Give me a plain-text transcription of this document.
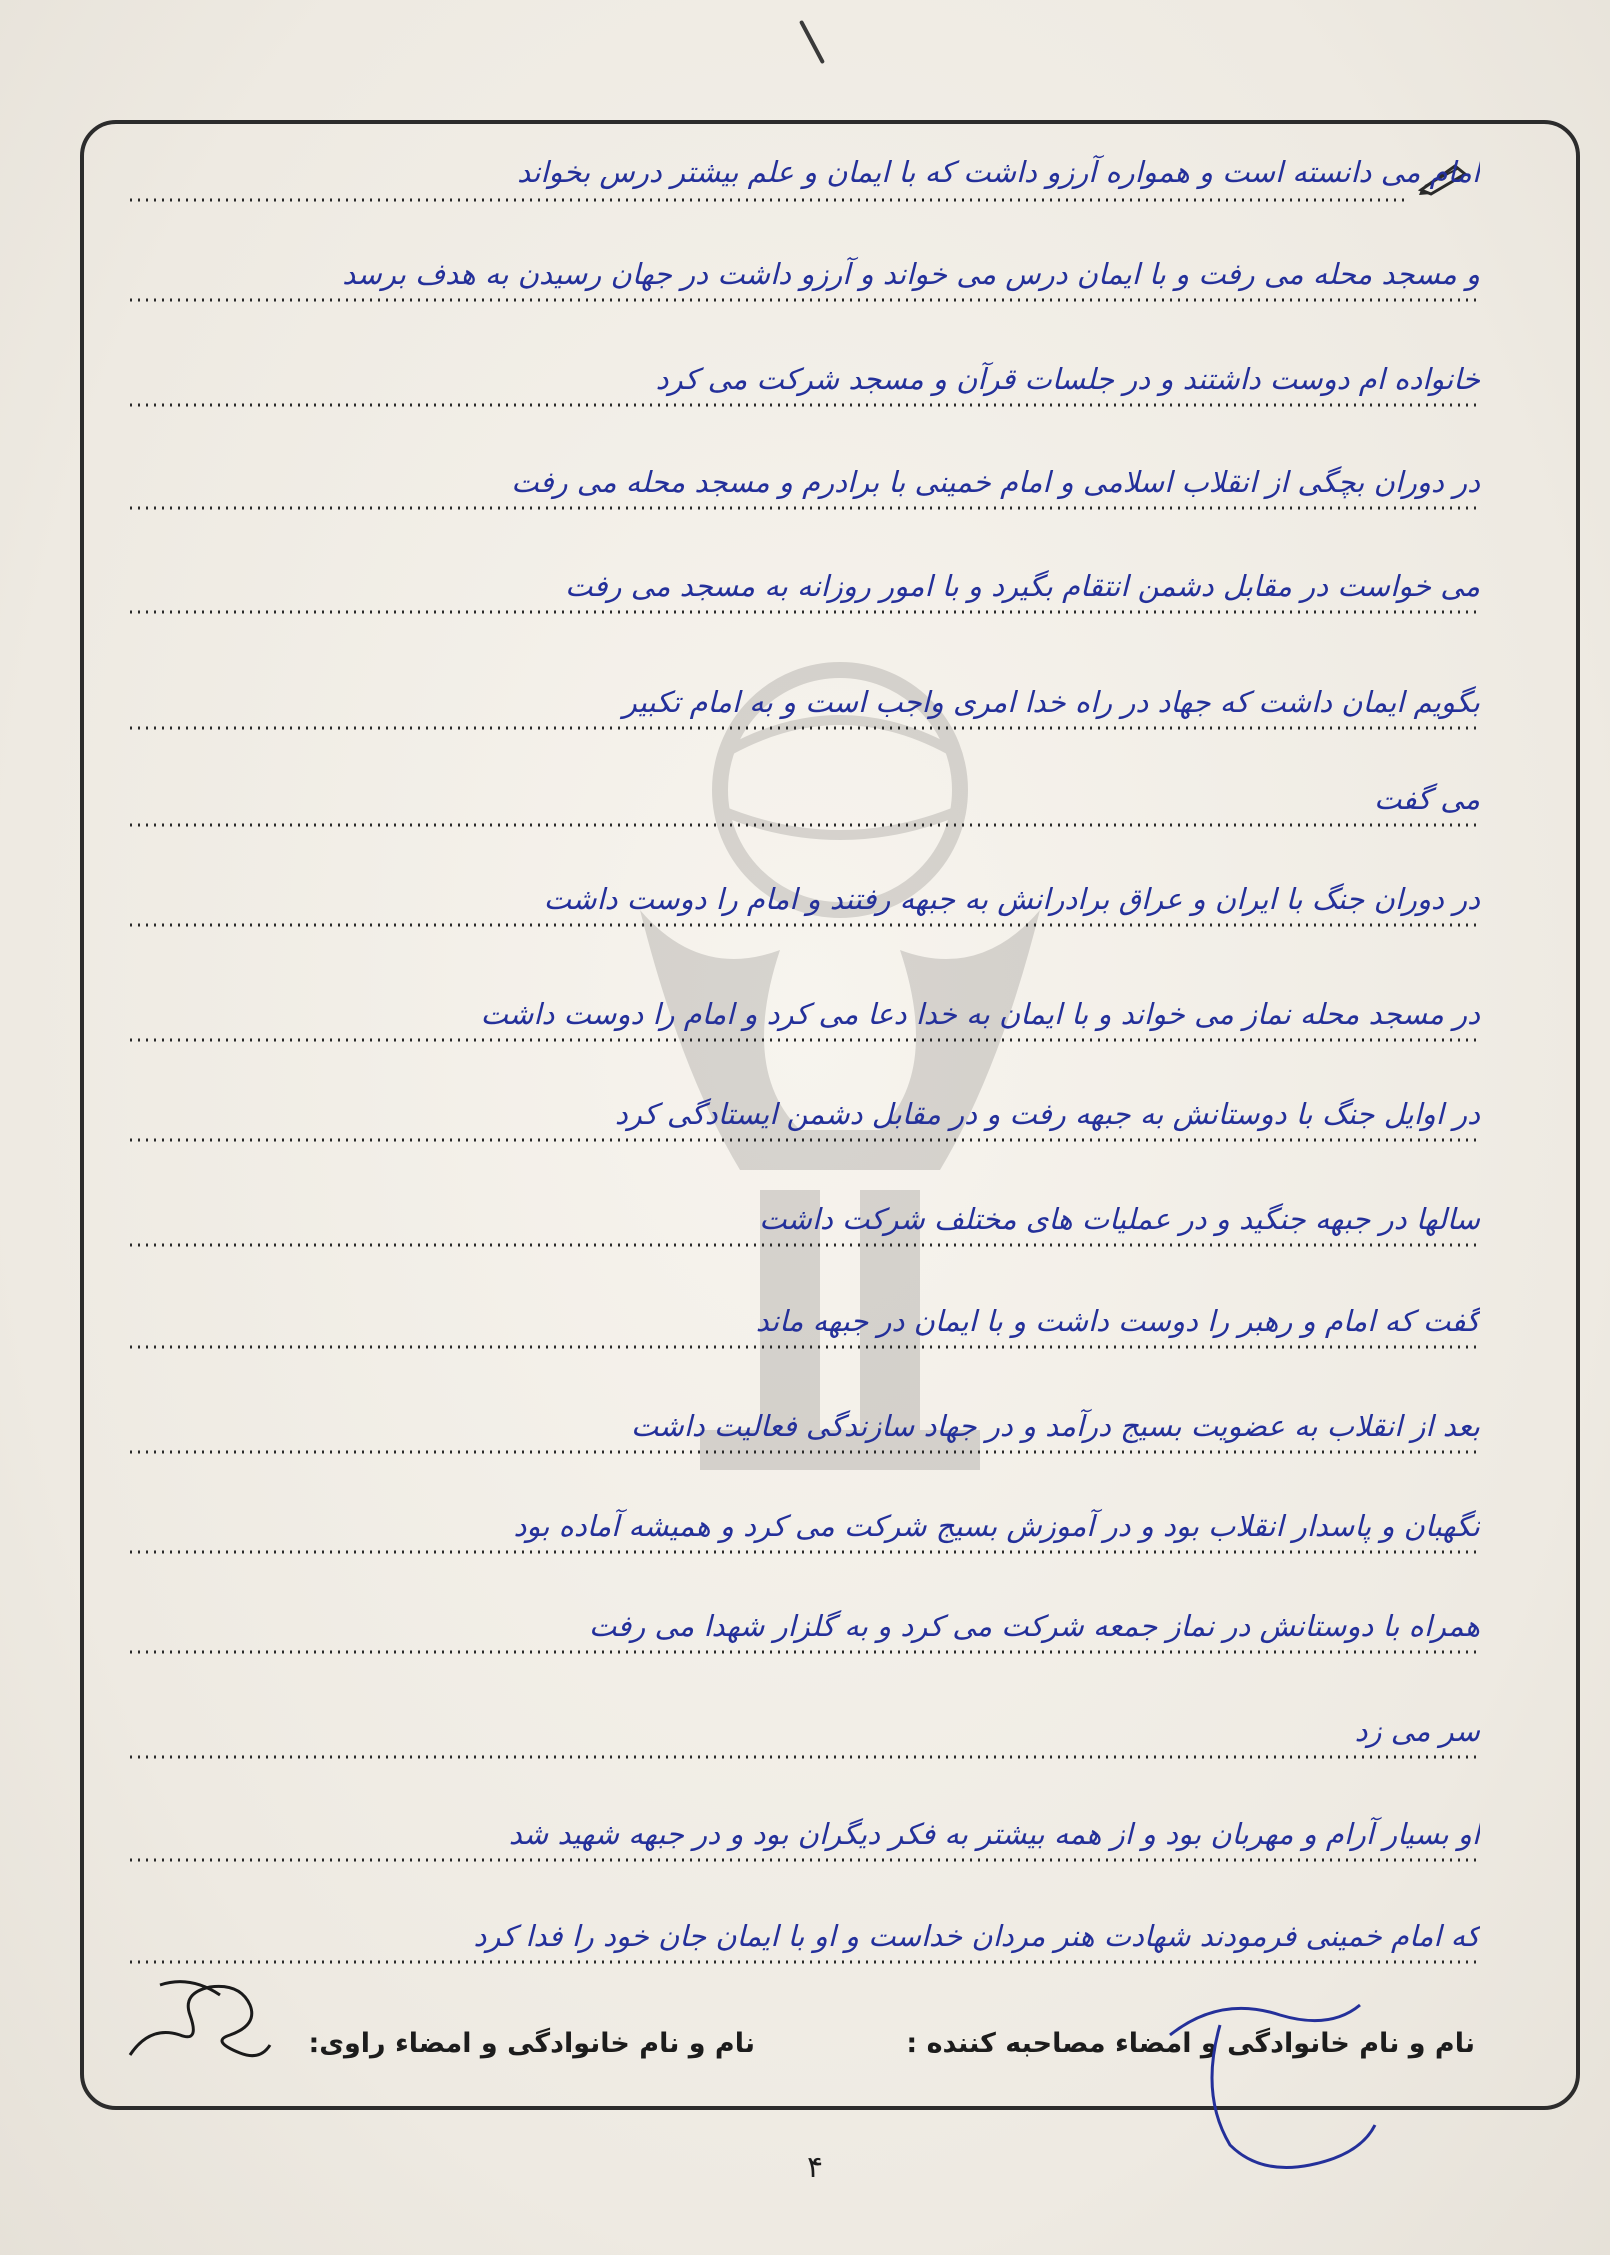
امام می دانسته است و همواره آرزو داشت که با ایمان و علم بیشتر درس بخواند
و مسجد محله می رفت و با ایمان درس می خواند و آرزو داشت در جهان رسیدن به هدف برسد
خانواده ام دوست داشتند و در جلسات قرآن و مسجد شرکت می کرد
در دوران بچگی از انقلاب اسلامی و امام خمینی با برادرم و مسجد محله می رفت
می خواست در مقابل دشمن انتقام بگیرد و با امور روزانه به مسجد می رفت
بگویم ایمان داشت که جهاد در راه خدا امری واجب است و به امام تکبیر
می گفت
در دوران جنگ با ایران و عراق برادرانش به جبهه رفتند و امام را دوست داشت
در مسجد محله نماز می خواند و با ایمان به خدا دعا می کرد و امام را دوست داشت
در اوایل جنگ با دوستانش به جبهه رفت و در مقابل دشمن ایستادگی کرد
سالها در جبهه جنگید و در عملیات های مختلف شرکت داشت
گفت که امام و رهبر را دوست داشت و با ایمان در جبهه ماند
بعد از انقلاب به عضویت بسیج درآمد و در جهاد سازندگی فعالیت داشت
نگهبان و پاسدار انقلاب بود و در آموزش بسیج شرکت می کرد و همیشه آماده بود
همراه با دوستانش در نماز جمعه شرکت می کرد و به گلزار شهدا می رفت
سر می زد
او بسیار آرام و مهربان بود و از همه بیشتر به فکر دیگران بود و در جبهه شهید شد
که امام خمینی فرمودند شهادت هنر مردان خداست و او با ایمان جان خود را فدا کرد
نام و نام خانوادگی و امضاء مصاحبه کننده :
نام و نام خانوادگی و امضاء راوی:
۴
